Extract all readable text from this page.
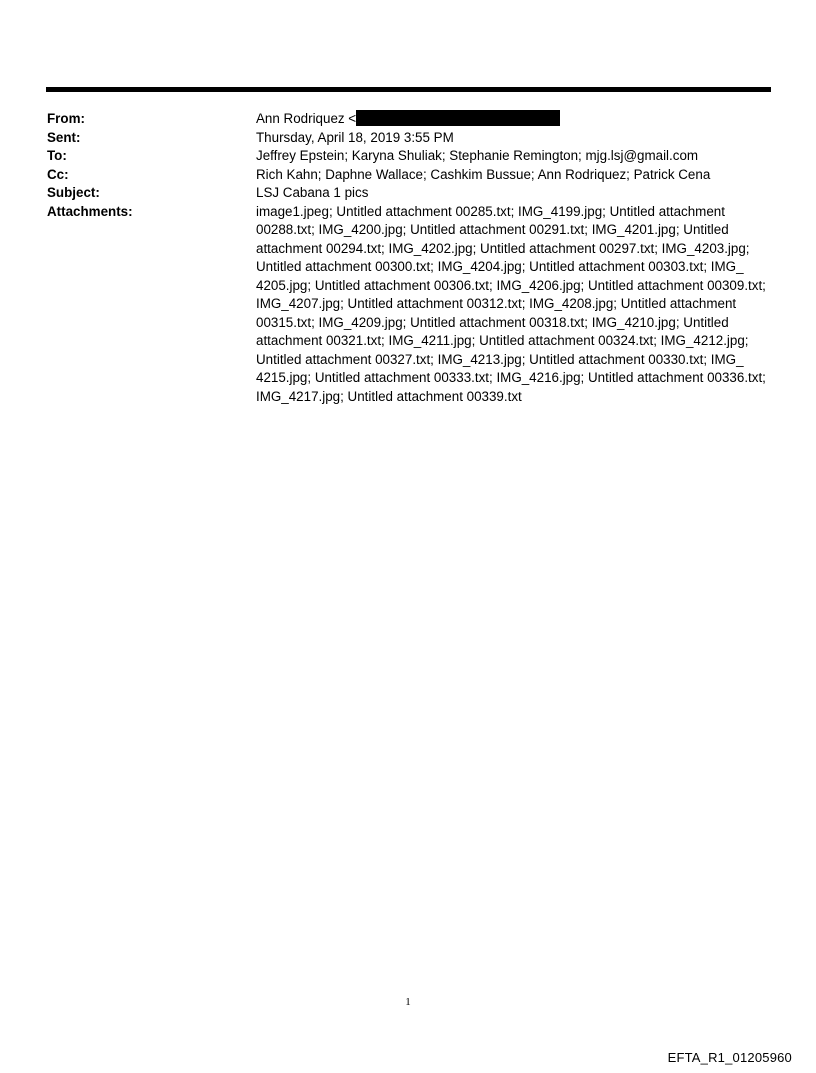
From:	Ann Rodriquez <
Sent:	Thursday, April 18, 2019 3:55 PM
To:	Jeffrey Epstein; Karyna Shuliak; Stephanie Remington; mjg.lsj@gmail.com
Cc:	Rich Kahn; Daphne Wallace; Cashkim Bussue; Ann Rodriquez; Patrick Cena
Subject:	LSJ Cabana 1 pics
Attachments:	image1.jpeg; Untitled attachment 00285.txt; IMG_4199.jpg; Untitled attachment
00288.txt; IMG_4200.jpg; Untitled attachment 00291.txt; IMG_4201.jpg; Untitled
attachment 00294.txt; IMG_4202.jpg; Untitled attachment 00297.txt; IMG_4203.jpg;
Untitled attachment 00300.txt; IMG_4204.jpg; Untitled attachment 00303.txt; IMG_
4205.jpg; Untitled attachment 00306.txt; IMG_4206.jpg; Untitled attachment 00309.txt;
IMG_4207.jpg; Untitled attachment 00312.txt; IMG_4208.jpg; Untitled attachment
00315.txt; IMG_4209.jpg; Untitled attachment 00318.txt; IMG_4210.jpg; Untitled
attachment 00321.txt; IMG_4211.jpg; Untitled attachment 00324.txt; IMG_4212.jpg;
Untitled attachment 00327.txt; IMG_4213.jpg; Untitled attachment 00330.txt; IMG_
4215.jpg; Untitled attachment 00333.txt; IMG_4216.jpg; Untitled attachment 00336.txt;
IMG_4217.jpg; Untitled attachment 00339.txt
1
EFTA_R1_01205960
